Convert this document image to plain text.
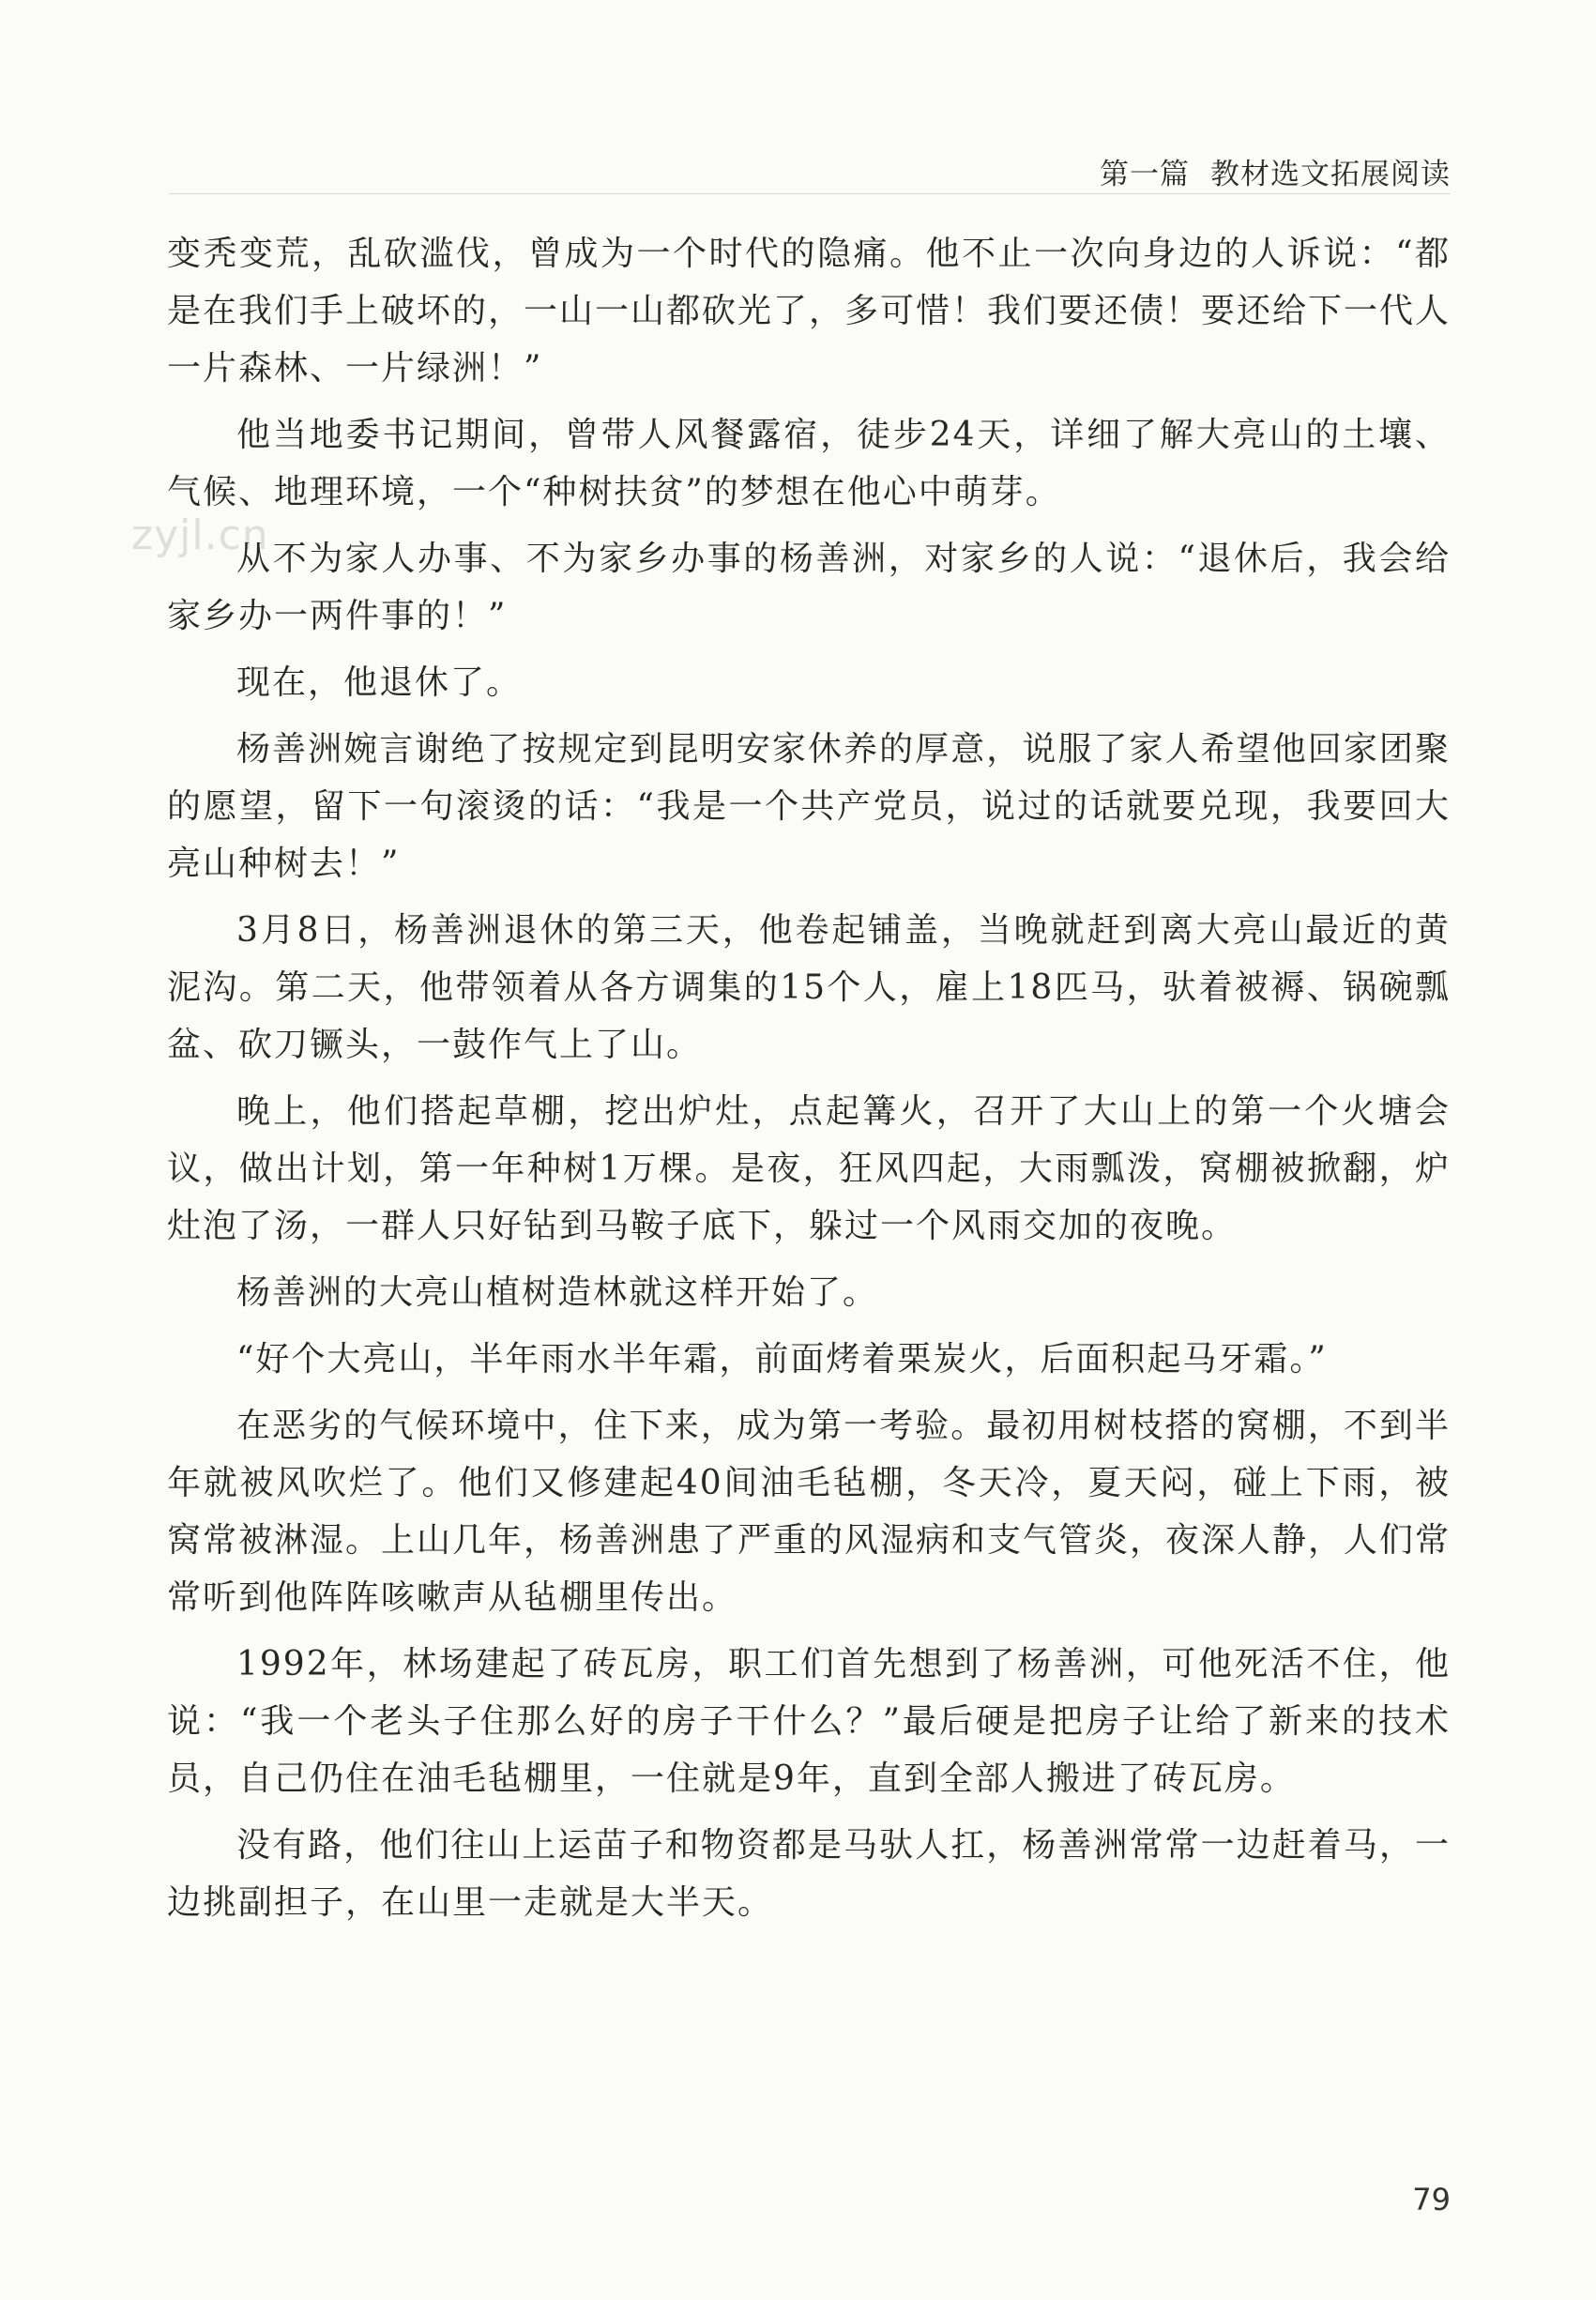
第一篇 教材选文拓展阅读
zyjl.cn

变秃变荒，乱砍滥伐，曾成为一个时代的隐痛。他不止一次向身边的人诉说：“都是在我们手上破坏的，一山一山都砍光了，多可惜！我们要还债！要还给下一代人一片森林、一片绿洲！”

他当地委书记期间，曾带人风餐露宿，徒步24天，详细了解大亮山的土壤、气候、地理环境，一个“种树扶贫”的梦想在他心中萌芽。

从不为家人办事、不为家乡办事的杨善洲，对家乡的人说：“退休后，我会给家乡办一两件事的！”

现在，他退休了。

杨善洲婉言谢绝了按规定到昆明安家休养的厚意，说服了家人希望他回家团聚的愿望，留下一句滚烫的话：“我是一个共产党员，说过的话就要兑现，我要回大亮山种树去！”

3月8日，杨善洲退休的第三天，他卷起铺盖，当晚就赶到离大亮山最近的黄泥沟。第二天，他带领着从各方调集的15个人，雇上18匹马，驮着被褥、锅碗瓢盆、砍刀镢头，一鼓作气上了山。

晚上，他们搭起草棚，挖出炉灶，点起篝火，召开了大山上的第一个火塘会议，做出计划，第一年种树1万棵。是夜，狂风四起，大雨瓢泼，窝棚被掀翻，炉灶泡了汤，一群人只好钻到马鞍子底下，躲过一个风雨交加的夜晚。

杨善洲的大亮山植树造林就这样开始了。

“好个大亮山，半年雨水半年霜，前面烤着栗炭火，后面积起马牙霜。”

在恶劣的气候环境中，住下来，成为第一考验。最初用树枝搭的窝棚，不到半年就被风吹烂了。他们又修建起40间油毛毡棚，冬天冷，夏天闷，碰上下雨，被窝常被淋湿。上山几年，杨善洲患了严重的风湿病和支气管炎，夜深人静，人们常常听到他阵阵咳嗽声从毡棚里传出。

1992年，林场建起了砖瓦房，职工们首先想到了杨善洲，可他死活不住，他说：“我一个老头子住那么好的房子干什么？”最后硬是把房子让给了新来的技术员，自己仍住在油毛毡棚里，一住就是9年，直到全部人搬进了砖瓦房。

没有路，他们往山上运苗子和物资都是马驮人扛，杨善洲常常一边赶着马，一边挑副担子，在山里一走就是大半天。

79
